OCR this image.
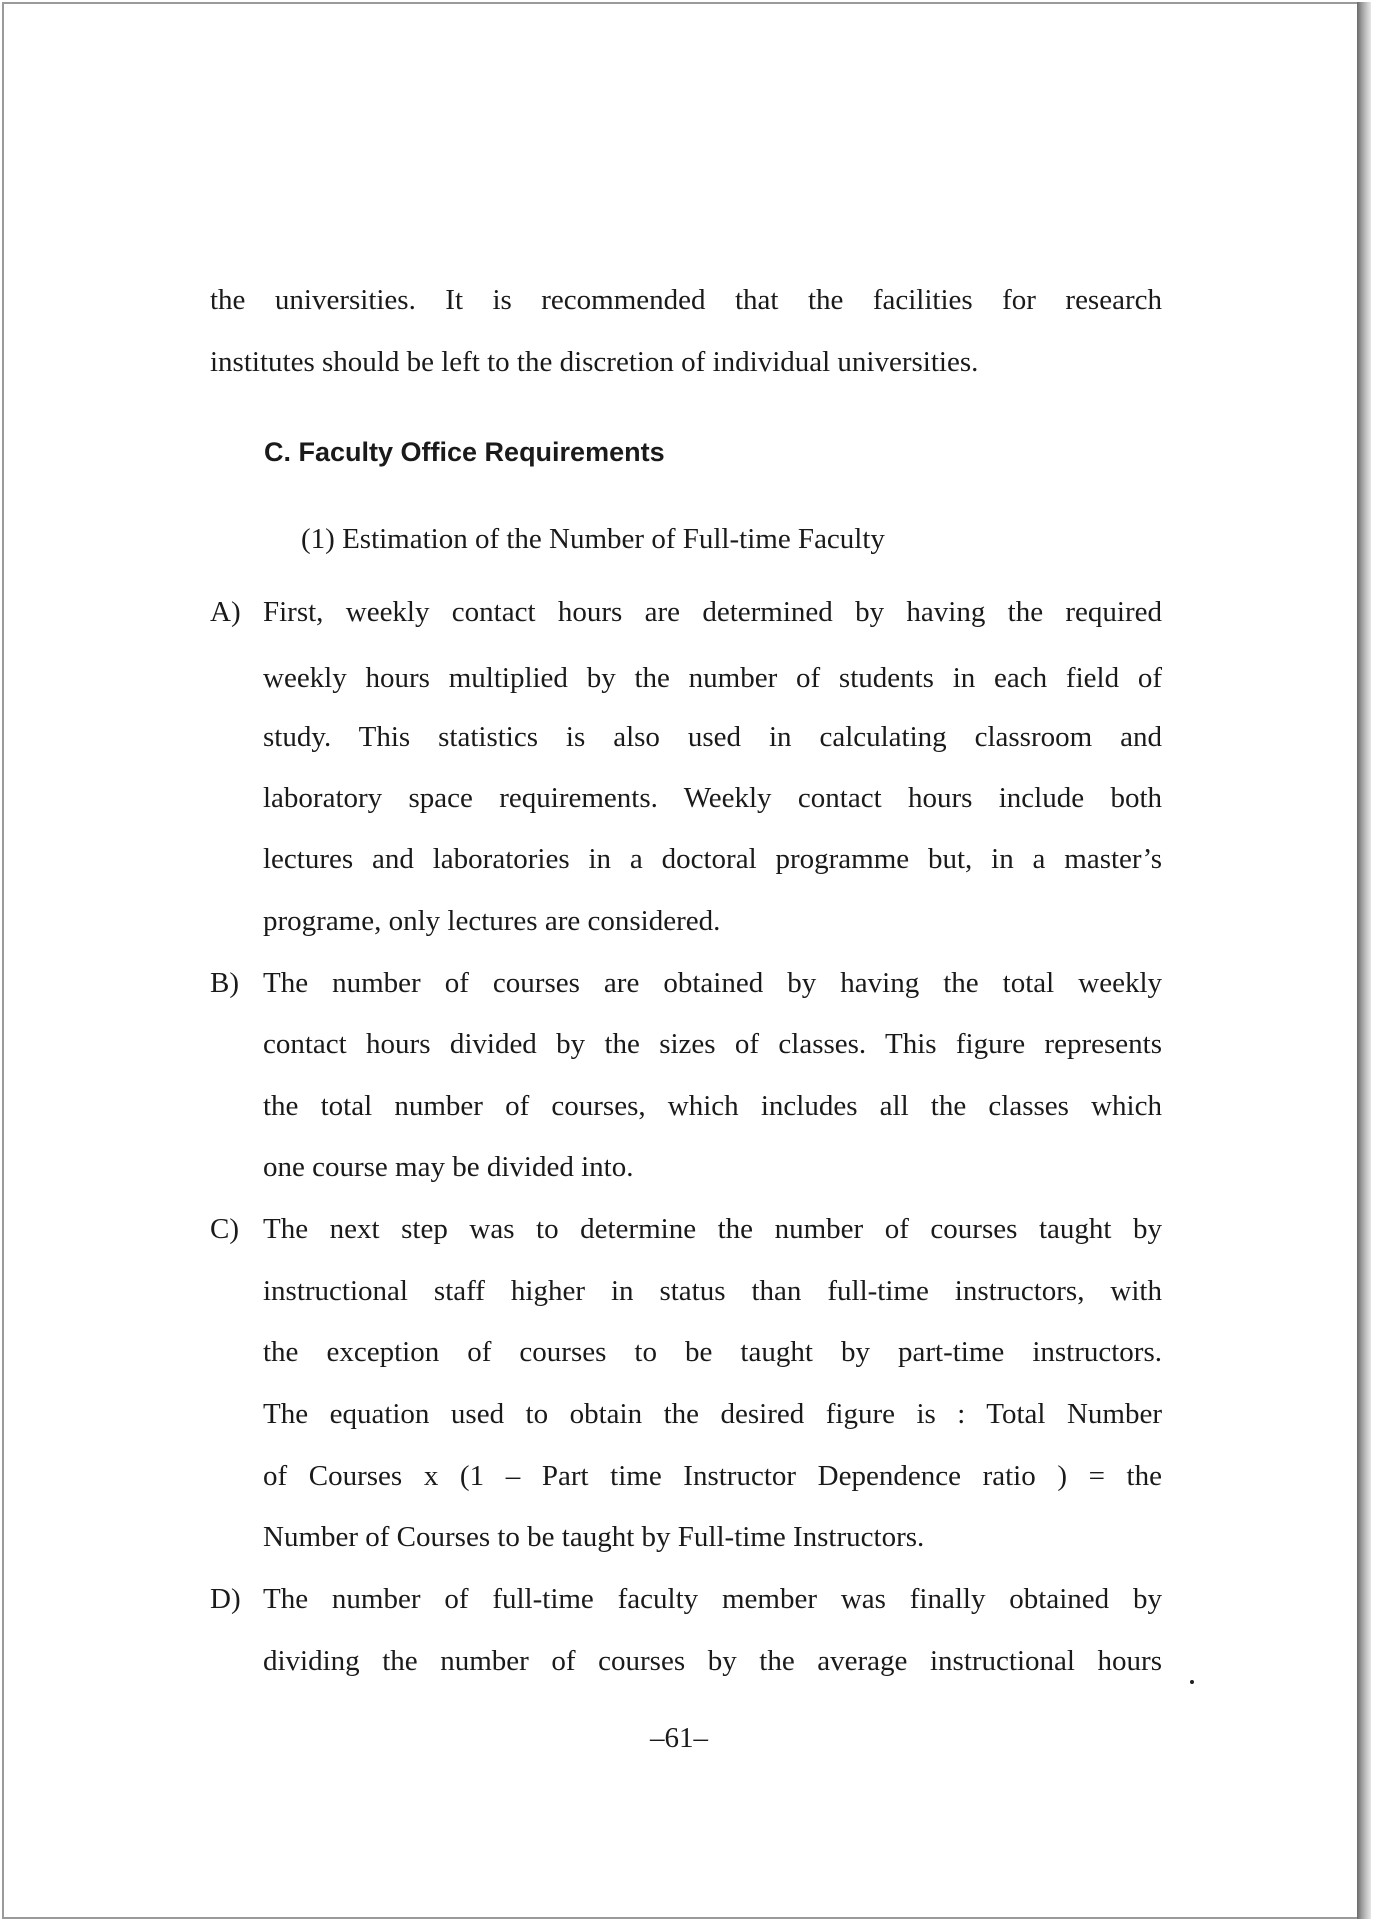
the universities. It is recommended that the facilities for research
institutes should be left to the discretion of individual universities.
C. Faculty Office Requirements
(1) Estimation of the Number of Full-time Faculty
A) First, weekly contact hours are determined by having the required
weekly hours multiplied by the number of students in each field of
study. This statistics is also used in calculating classroom and
laboratory space requirements. Weekly contact hours include both
lectures and laboratories in a doctoral programme but, in a master’s
programe, only lectures are considered.
B) The number of courses are obtained by having the total weekly
contact hours divided by the sizes of classes. This figure represents
the total number of courses, which includes all the classes which
one course may be divided into.
C) The next step was to determine the number of courses taught by
instructional staff higher in status than full-time instructors, with
the exception of courses to be taught by part-time instructors.
The equation used to obtain the desired figure is : Total Number
of Courses x (1 – Part time Instructor Dependence ratio ) = the
Number of Courses to be taught by Full-time Instructors.
D) The number of full-time faculty member was finally obtained by
dividing the number of courses by the average instructional hours
–61–
